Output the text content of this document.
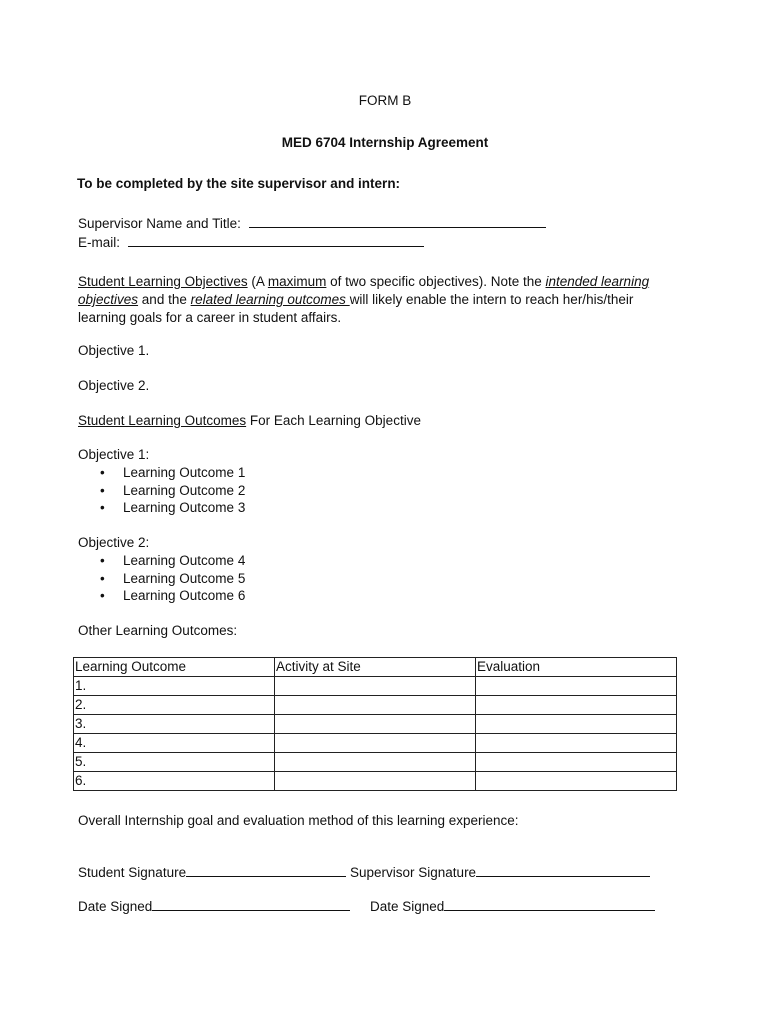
FORM B
MED 6704 Internship Agreement
To be completed by the site supervisor and intern:
Supervisor Name and Title:
E-mail:
Student Learning Objectives (A maximum of two specific objectives). Note the intended learning objectives and the related learning outcomes will likely enable the intern to reach her/his/their learning goals for a career in student affairs.
Objective 1.
Objective 2.
Student Learning Outcomes For Each Learning Objective
Objective 1:
• Learning Outcome 1
• Learning Outcome 2
• Learning Outcome 3
Objective 2:
• Learning Outcome 4
• Learning Outcome 5
• Learning Outcome 6
Other Learning Outcomes:
Learning Outcome	Activity at Site	Evaluation
1.		
2.		
3.		
4.		
5.		
6.		
Overall Internship goal and evaluation method of this learning experience:
Student Signature	Supervisor Signature
Date Signed	Date Signed
